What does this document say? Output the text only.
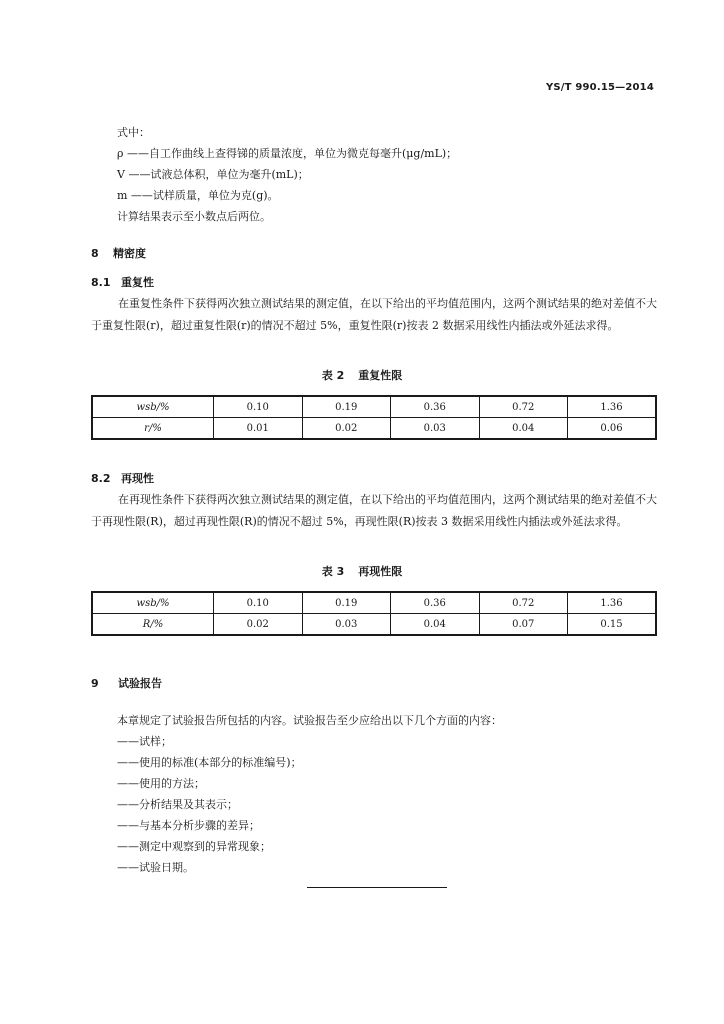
YS/T 990.15—2014
式中：
ρ ——自工作曲线上查得锑的质量浓度，单位为微克每毫升(μg/mL)；
V ——试液总体积，单位为毫升(mL)；
m ——试样质量，单位为克(g)。
计算结果表示至小数点后两位。
8 精密度
8.1 重复性
在重复性条件下获得两次独立测试结果的测定值，在以下给出的平均值范围内，这两个测试结果的绝对差值不大于重复性限(r)，超过重复性限(r)的情况不超过 5%，重复性限(r)按表 2 数据采用线性内插法或外延法求得。
表 2 重复性限
wsb/%	0.10	0.19	0.36	0.72	1.36
r/%	0.01	0.02	0.03	0.04	0.06
8.2 再现性
在再现性条件下获得两次独立测试结果的测定值，在以下给出的平均值范围内，这两个测试结果的绝对差值不大于再现性限(R)，超过再现性限(R)的情况不超过 5%，再现性限(R)按表 3 数据采用线性内插法或外延法求得。
表 3 再现性限
wsb/%	0.10	0.19	0.36	0.72	1.36
R/%	0.02	0.03	0.04	0.07	0.15
9 试验报告
本章规定了试验报告所包括的内容。试验报告至少应给出以下几个方面的内容：
——试样；
——使用的标准(本部分的标准编号)；
——使用的方法；
——分析结果及其表示；
——与基本分析步骤的差异；
——测定中观察到的异常现象；
——试验日期。
